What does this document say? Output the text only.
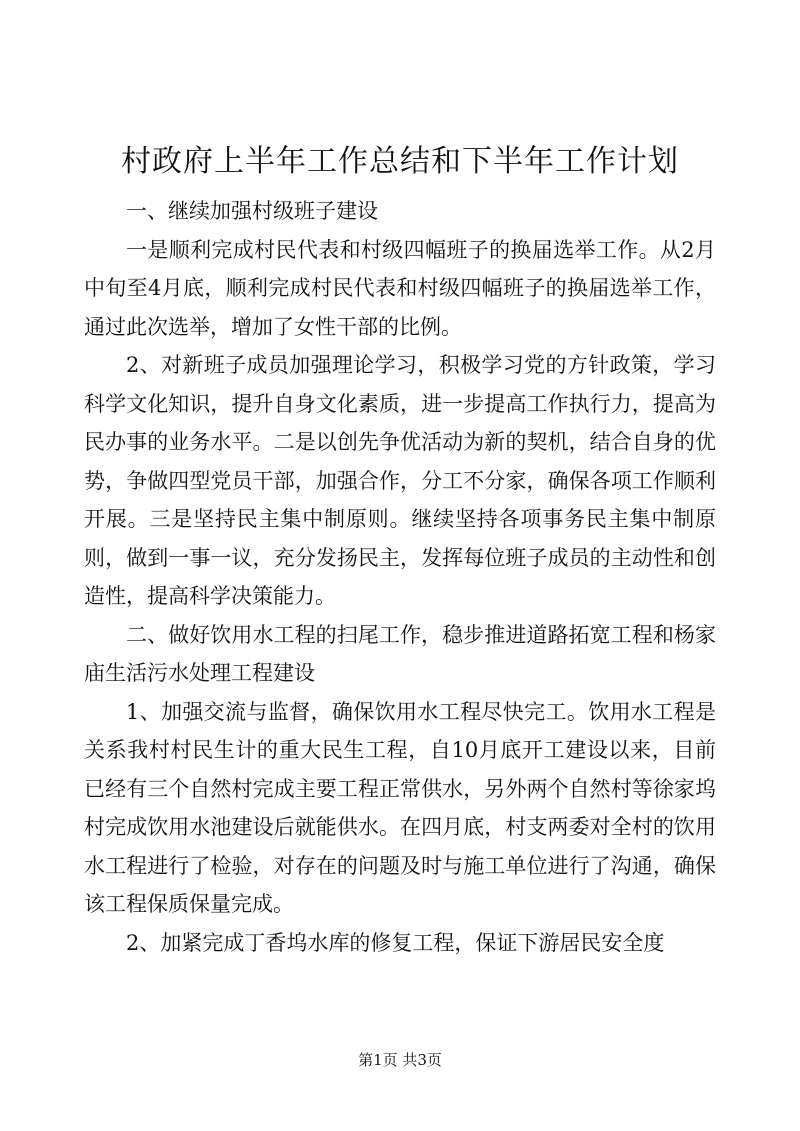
村政府上半年工作总结和下半年工作计划

一、继续加强村级班子建设

一是顺利完成村民代表和村级四幅班子的换届选举工作。从2月中旬至4月底，顺利完成村民代表和村级四幅班子的换届选举工作，通过此次选举，增加了女性干部的比例。

2、对新班子成员加强理论学习，积极学习党的方针政策，学习科学文化知识，提升自身文化素质，进一步提高工作执行力，提高为民办事的业务水平。二是以创先争优活动为新的契机，结合自身的优势，争做四型党员干部，加强合作，分工不分家，确保各项工作顺利开展。三是坚持民主集中制原则。继续坚持各项事务民主集中制原则，做到一事一议，充分发扬民主，发挥每位班子成员的主动性和创造性，提高科学决策能力。

二、做好饮用水工程的扫尾工作，稳步推进道路拓宽工程和杨家庙生活污水处理工程建设

1、加强交流与监督，确保饮用水工程尽快完工。饮用水工程是关系我村村民生计的重大民生工程，自10月底开工建设以来，目前已经有三个自然村完成主要工程正常供水，另外两个自然村等徐家坞村完成饮用水池建设后就能供水。在四月底，村支两委对全村的饮用水工程进行了检验，对存在的问题及时与施工单位进行了沟通，确保该工程保质保量完成。

2、加紧完成丁香坞水库的修复工程，保证下游居民安全度

第1页 共3页
